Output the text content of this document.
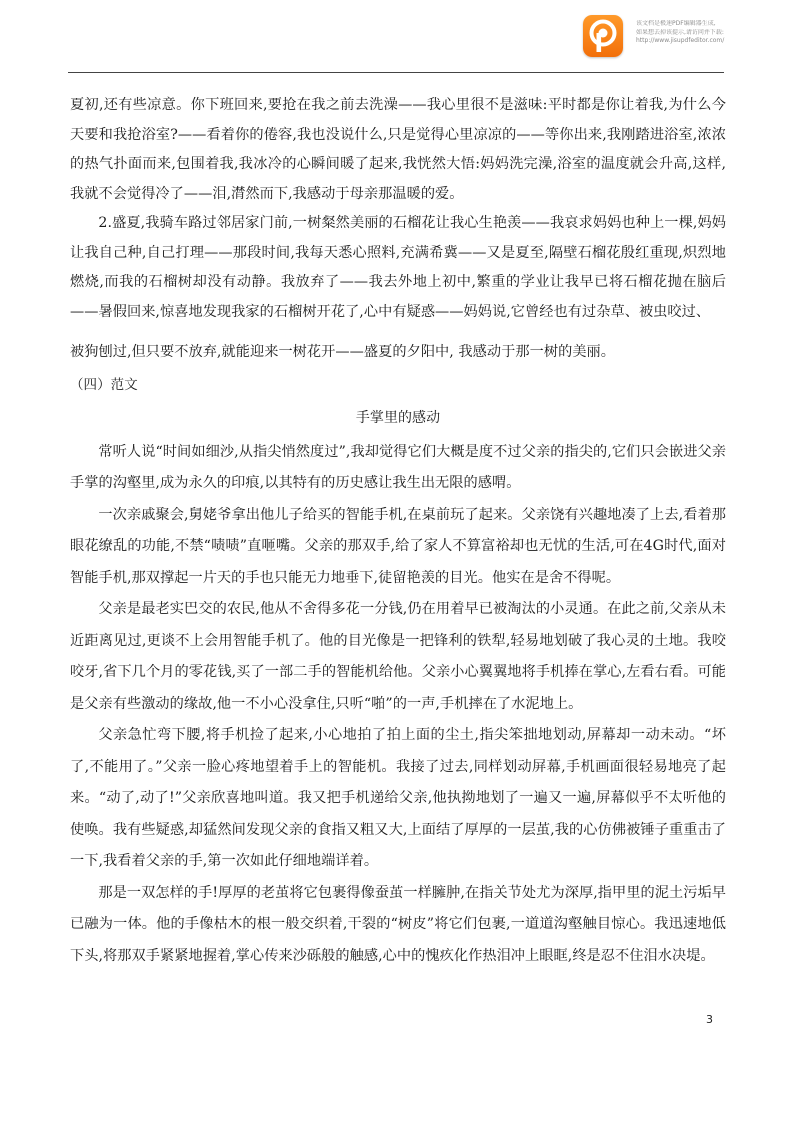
该文档是极速PDF编辑器生成,
如果想去掉该提示,请访问并下载:
http://www.jisupdfeditor.com/

夏初,还有些凉意。你下班回来,要抢在我之前去洗澡——我心里很不是滋味:平时都是你让着我,为什么今天要和我抢浴室?——看着你的倦容,我也没说什么,只是觉得心里凉凉的——等你出来,我刚踏进浴室,浓浓的热气扑面而来,包围着我,我冰冷的心瞬间暖了起来,我恍然大悟:妈妈洗完澡,浴室的温度就会升高,这样,我就不会觉得冷了——泪,潸然而下,我感动于母亲那温暖的爱。

2.盛夏,我骑车路过邻居家门前,一树粲然美丽的石榴花让我心生艳羡——我哀求妈妈也种上一棵,妈妈让我自己种,自己打理——那段时间,我每天悉心照料,充满希冀——又是夏至,隔壁石榴花殷红重现,炽烈地燃烧,而我的石榴树却没有动静。我放弃了——我去外地上初中,繁重的学业让我早已将石榴花抛在脑后——暑假回来,惊喜地发现我家的石榴树开花了,心中有疑惑——妈妈说,它曾经也有过杂草、被虫咬过、

被狗刨过,但只要不放弃,就能迎来一树花开——盛夏的夕阳中, 我感动于那一树的美丽。

（四）范文

手掌里的感动

常听人说“时间如细沙,从指尖悄然度过”,我却觉得它们大概是度不过父亲的指尖的,它们只会嵌进父亲手掌的沟壑里,成为永久的印痕,以其特有的历史感让我生出无限的感喟。

一次亲戚聚会,舅姥爷拿出他儿子给买的智能手机,在桌前玩了起来。父亲饶有兴趣地凑了上去,看着那眼花缭乱的功能,不禁“啧啧”直咂嘴。父亲的那双手,给了家人不算富裕却也无忧的生活,可在4G时代,面对智能手机,那双撑起一片天的手也只能无力地垂下,徒留艳羡的目光。他实在是舍不得呢。

父亲是最老实巴交的农民,他从不舍得多花一分钱,仍在用着早已被淘汰的小灵通。在此之前,父亲从未近距离见过,更谈不上会用智能手机了。他的目光像是一把锋利的铁犁,轻易地划破了我心灵的土地。我咬咬牙,省下几个月的零花钱,买了一部二手的智能机给他。父亲小心翼翼地将手机捧在掌心,左看右看。可能是父亲有些激动的缘故,他一不小心没拿住,只听“啪”的一声,手机摔在了水泥地上。

父亲急忙弯下腰,将手机捡了起来,小心地拍了拍上面的尘土,指尖笨拙地划动,屏幕却一动未动。“坏了,不能用了。”父亲一脸心疼地望着手上的智能机。我接了过去,同样划动屏幕,手机画面很轻易地亮了起来。“动了,动了!”父亲欣喜地叫道。我又把手机递给父亲,他执拗地划了一遍又一遍,屏幕似乎不太听他的使唤。我有些疑惑,却猛然间发现父亲的食指又粗又大,上面结了厚厚的一层茧,我的心仿佛被锤子重重击了一下,我看着父亲的手,第一次如此仔细地端详着。

那是一双怎样的手!厚厚的老茧将它包裹得像蚕茧一样臃肿,在指关节处尤为深厚,指甲里的泥土污垢早已融为一体。他的手像枯木的根一般交织着,干裂的“树皮”将它们包裹,一道道沟壑触目惊心。我迅速地低下头,将那双手紧紧地握着,掌心传来沙砾般的触感,心中的愧疚化作热泪冲上眼眶,终是忍不住泪水决堤。

3
